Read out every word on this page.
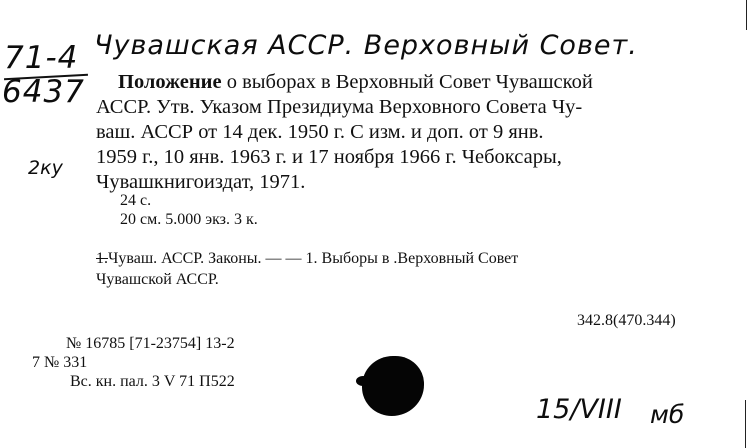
71-4
6437
2ку
Чувашская АССР. Верховный Совет.

Положение о выборах в Верховный Совет Чувашской

АССР. Утв. Указом Президиума Верховного Совета Чу-

ваш. АССР от 14 дек. 1950 г. С изм. и доп. от 9 янв.

1959 г., 10 янв. 1963 г. и 17 ноября 1966 г. Чебоксары,

Чувашкнигоиздат, 1971.

24 с.
20 см. 5.000 экз. 3 к.
1.Чуваш. АССР. Законы. — — 1. Выборы в .Верховный Совет
Чувашской АССР.
342.8(470.344)
№ 16785 [71-23754] 13-2
7 № 331
Вс. кн. пал. 3 V 71 П522
15/VIII мб
